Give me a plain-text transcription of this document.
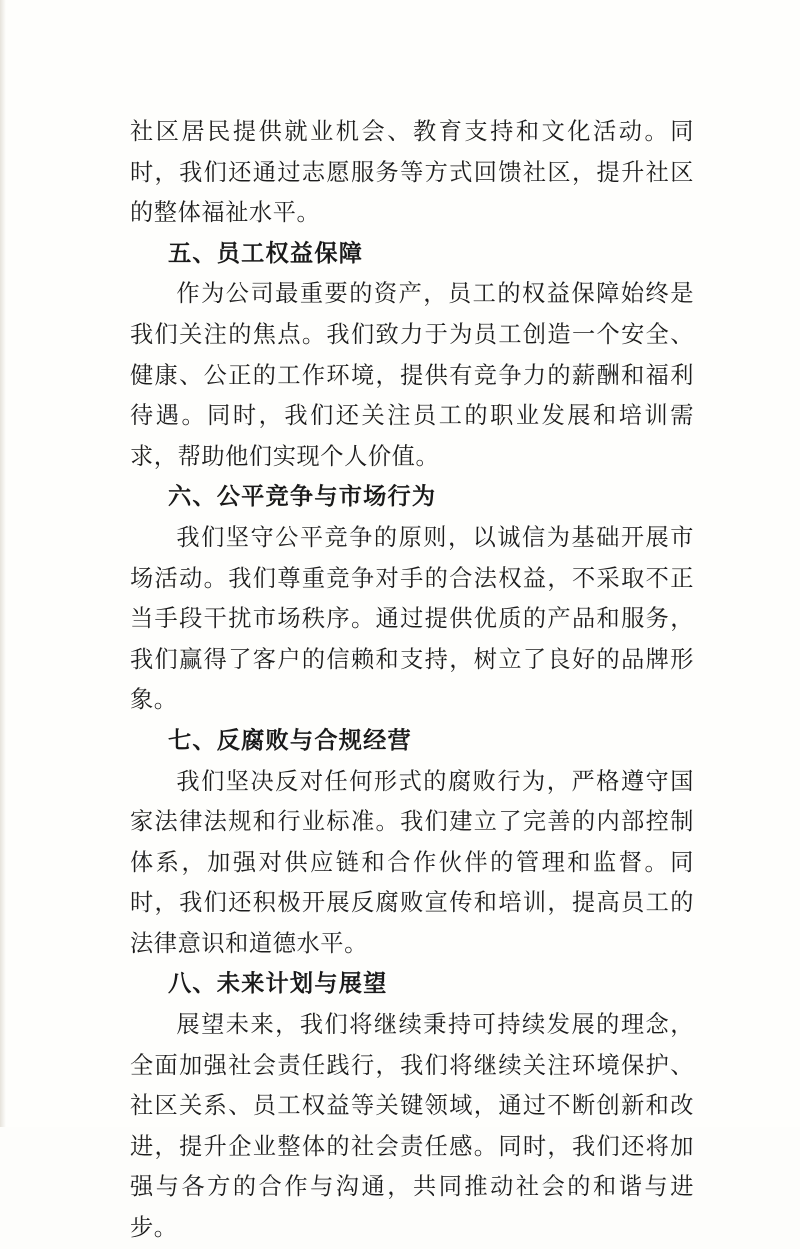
社区居民提供就业机会、教育支持和文化活动。同时，我们还通过志愿服务等方式回馈社区，提升社区的整体福祉水平。

五、员工权益保障

作为公司最重要的资产，员工的权益保障始终是我们关注的焦点。我们致力于为员工创造一个安全、健康、公正的工作环境，提供有竞争力的薪酬和福利待遇。同时，我们还关注员工的职业发展和培训需求，帮助他们实现个人价值。

六、公平竞争与市场行为

我们坚守公平竞争的原则，以诚信为基础开展市场活动。我们尊重竞争对手的合法权益，不采取不正当手段干扰市场秩序。通过提供优质的产品和服务，我们赢得了客户的信赖和支持，树立了良好的品牌形象。

七、反腐败与合规经营

我们坚决反对任何形式的腐败行为，严格遵守国家法律法规和行业标准。我们建立了完善的内部控制体系，加强对供应链和合作伙伴的管理和监督。同时，我们还积极开展反腐败宣传和培训，提高员工的法律意识和道德水平。

八、未来计划与展望

展望未来，我们将继续秉持可持续发展的理念，全面加强社会责任践行，我们将继续关注环境保护、社区关系、员工权益等关键领域，通过不断创新和改进，提升企业整体的社会责任感。同时，我们还将加强与各方的合作与沟通，共同推动社会的和谐与进步。
